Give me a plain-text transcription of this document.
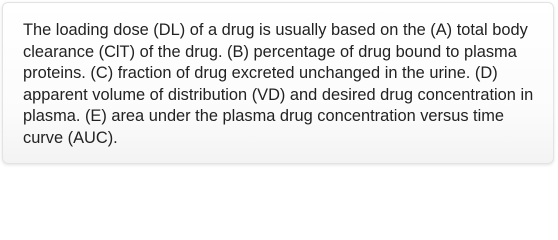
The loading dose (DL) of a drug is usually based on the (A) total body clearance (ClT) of the drug. (B) percentage of drug bound to plasma proteins. (C) fraction of drug excreted unchanged in the urine. (D) apparent volume of distribution (VD) and desired drug concentration in plasma. (E) area under the plasma drug concentration versus time curve (AUC).
